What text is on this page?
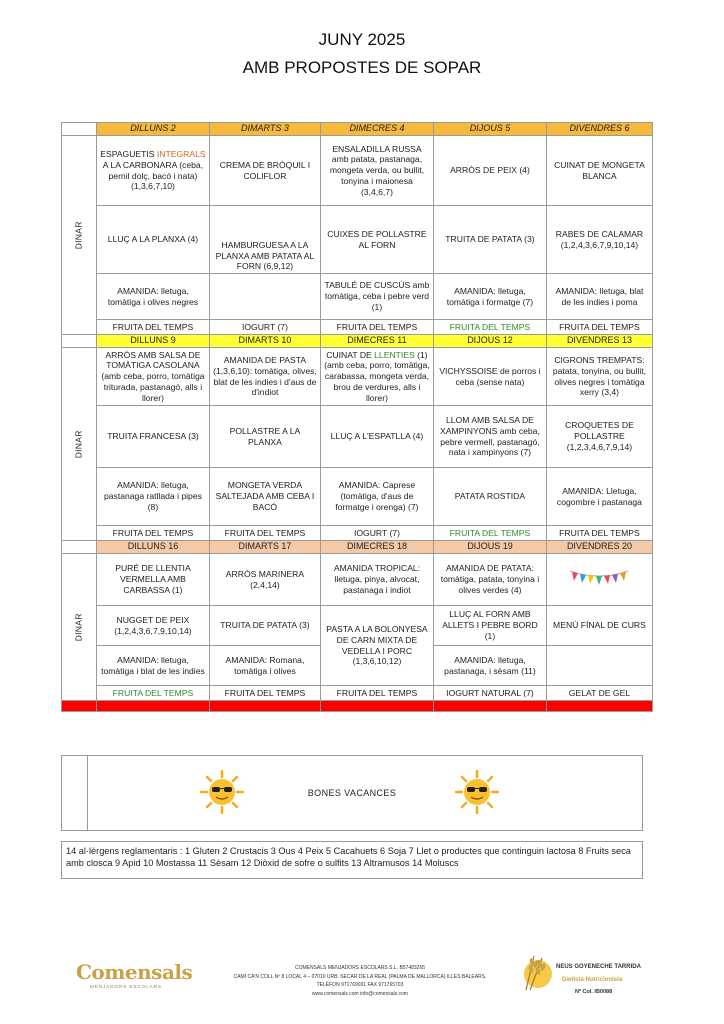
JUNY 2025
AMB PROPOSTES DE SOPAR
	DILLUNS 2	DIMARTS 3	DIMECRES 4	DIJOUS 5	DIVENDRES 6
DINAR	ESPAGUETIS INTEGRALS A LA CARBONARA (ceba, pernil dolç, bacó i nata) (1,3,6,7,10)	CREMA DE BRÒQUIL I COLIFLOR	ENSALADILLA RUSSA amb patata, pastanaga, mongeta verda, ou bullit, tonyina i maionesa (3,4,6,7)	ARRÒS DE PEIX (4)	CUINAT DE MONGETA BLANCA
	LLUÇ A LA PLANXA (4)	HAMBURGUESA A LA PLANXA AMB PATATA AL FORN (6,9,12)	CUIXES DE POLLASTRE AL FORN	TRUITA DE PATATA (3)	RABES DE CALAMAR (1,2,4,3,6,7,9,10,14)
	AMANIDA: lletuga, tomàtiga i olives negres		TABULÉ DE CUSCÚS amb tomàtiga, ceba i pebre verd (1)	AMANIDA: lletuga, tomàtiga i formatge (7)	AMANIDA: lletuga, blat de les indies i poma
	FRUITA DEL TEMPS	IOGURT (7)	FRUITA DEL TEMPS	FRUITA DEL TEMPS	FRUITA DEL TEMPS
	DILLUNS 9	DIMARTS 10	DIMECRES 11	DIJOUS 12	DIVENDRES 13
DINAR	ARRÒS AMB SALSA DE TOMÀTIGA CASOLANA (amb ceba, porro, tomàtiga triturada, pastanagó, alls i llorer)	AMANIDA DE PASTA (1,3,6,10): tomàtiga, olives, blat de les indies i d'aus de d'indiot	CUINAT DE LLENTIES (1) (amb ceba, porro, tomàtiga, carabassa, mongeta verda, brou de verdures, alls i llorer)	VICHYSSOISE de porros i ceba (sense nata)	CIGRONS TREMPATS: patata, tonyina, ou bullit, olives negres i tomàtiga xerry (3,4)
	TRUITA FRANCESA (3)	POLLASTRE A LA PLANXA	LLUÇ A L'ESPATLLA (4)	LLOM AMB SALSA DE XAMPINYONS amb ceba, pebre vermell, pastanagó, nata i xampinyons (7)	CROQUETES DE POLLASTRE (1,2,3,4,6,7,9,14)
	AMANIDA: lletuga, pastanaga ratllada i pipes (8)	MONGETA VERDA SALTEJADA AMB CEBA I BACÓ	AMANIDA: Caprese (tomàtiga, d'aus de formatge i orenga) (7)	PATATA ROSTIDA	AMANIDA: Lletuga, cogombre i pastanaga
	FRUITA DEL TEMPS	FRUITA DEL TEMPS	IOGURT (7)	FRUITA DEL TEMPS	FRUITA DEL TEMPS
	DILLUNS 16	DIMARTS 17	DIMECRES 18	DIJOUS 19	DIVENDRES 20
DINAR	PURÉ DE LLENTIA VERMELLA AMB CARBASSA (1)	ARRÒS MARINERA (2,4,14)	AMANIDA TROPICAL: lletuga, pinya, alvocat, pastanaga i indiot	AMANIDA DE PATATA: tomàtiga, patata, tonyina i olives verdes (4)	
	NUGGET DE PEIX (1,2,4,3,6,7,9,10,14)	TRUITA DE PATATA (3)	PASTA A LA BOLONYESA DE CARN MIXTA DE VEDELLA I PORC (1,3,6,10,12)	LLUÇ AL FORN AMB ALLETS I PEBRE BORD (1)	MENÚ FÍNAL DE CURS
	AMANIDA: lletuga, tomàtiga i blat de les indies	AMANIDA: Romana, tomàtiga i olives		AMANIDA: lletuga, pastanaga, i sèsam (11)	
	FRUITA DEL TEMPS	FRUITA DEL TEMPS	FRUITA DEL TEMPS	IOGURT NATURAL (7)	GELAT DE GEL

BONES VACANCES
14 al·lèrgens reglamentaris : 1 Gluten 2 Crustacis 3 Ous 4 Peix 5 Cacahuets 6 Soja 7 Llet o productes que continguin lactosa 8 Fruits seca amb closca 9 Apid 10 Mostassa 11 Sèsam 12 Diòxid de sofre o sulfits 13 Altramusos 14 Moluscs
Comensals
MENJADORS ESCOLARS
COMENSALS MENJADORS ESCOLARS S.L. B57483265
CAMÍ CA'N COLL Nº 8 LOCAL 4 – 07010 URB. SECAR DE LA REAL (PALMA DE MALLORCA) ILLES BALEARS.
TELÈFON 971769031 FAX 971765703
www.comensals.com info@comensals.com
NEUS GOYENECHE TARRIDA
Dietista-Nutricionista
Nº Col. IB0088
